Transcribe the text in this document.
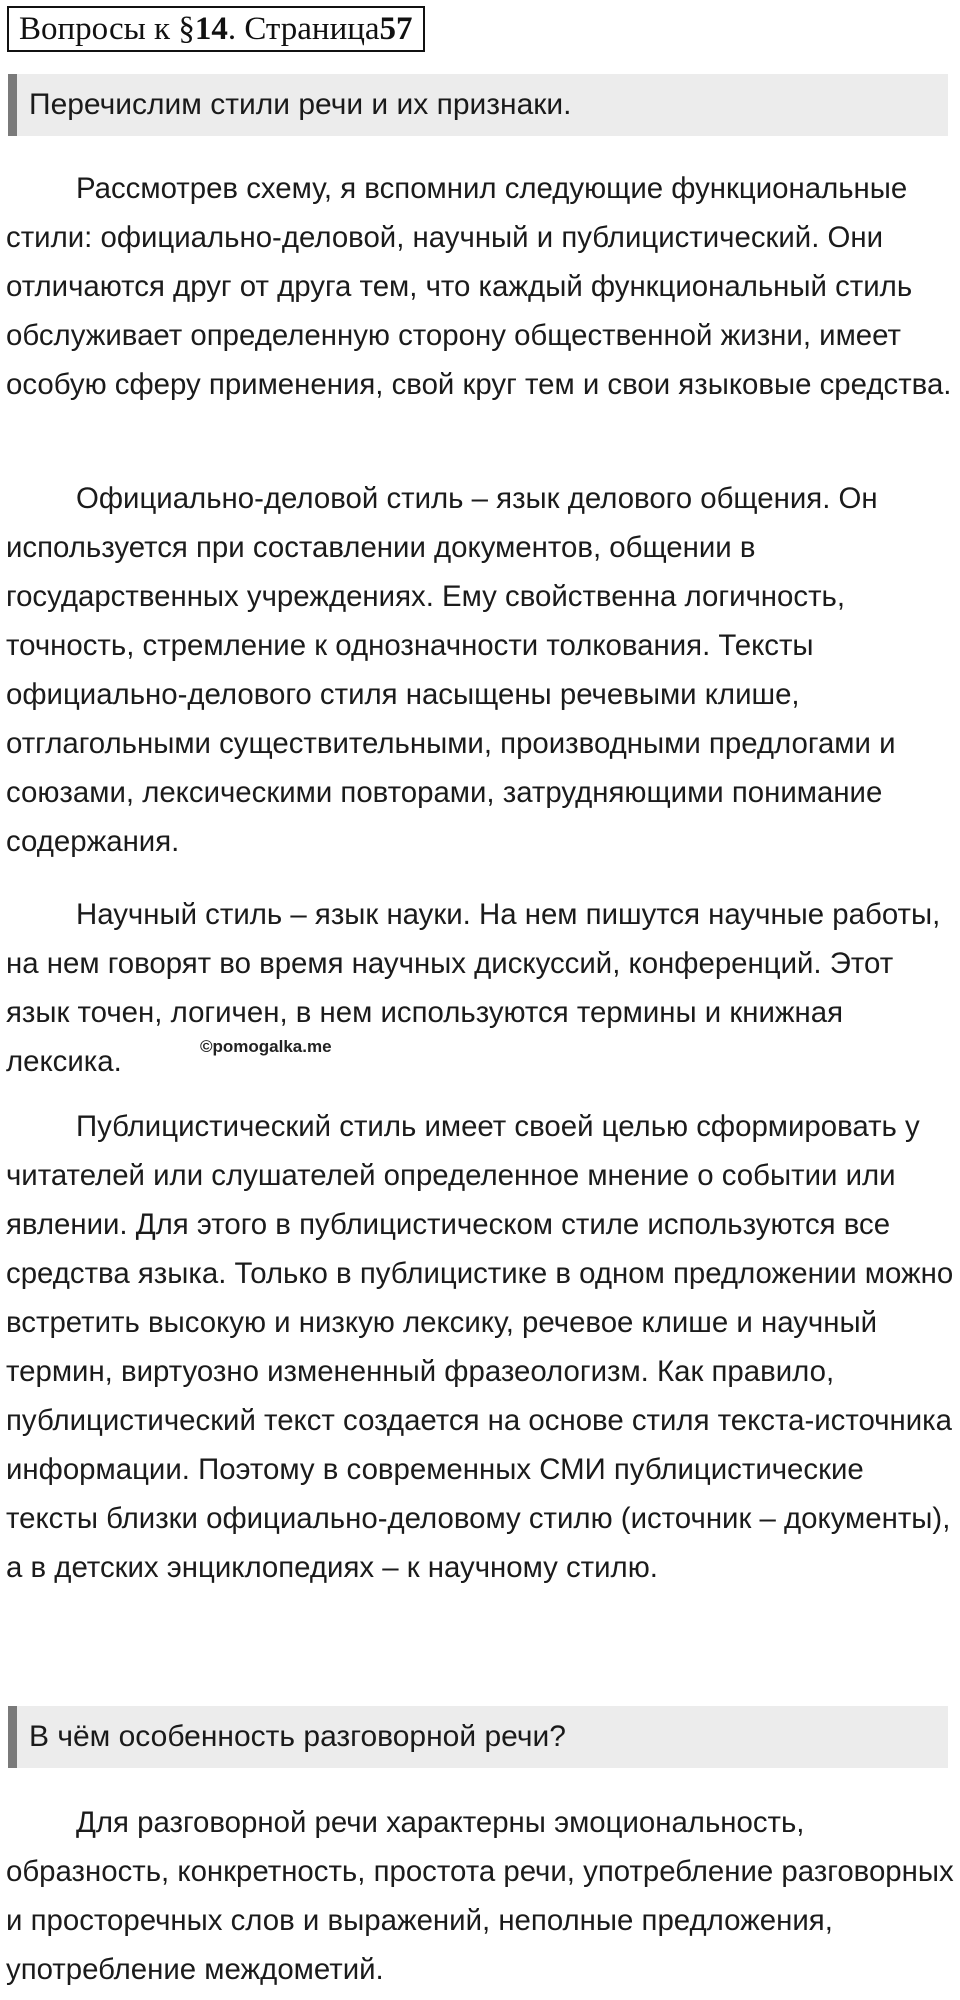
Вопросы к § 14 . Страница 57
Перечислим стили речи и их признаки.

Рассмотрев схему, я вспомнил следующие функциональные стили: официально-деловой, научный и публицистический. Они отличаются друг от друга тем, что каждый функциональный стиль обслуживает определенную сторону общественной жизни, имеет особую сферу применения, свой круг тем и свои языковые средства.

Официально-деловой стиль – язык делового общения. Он используется при составлении документов, общении в государственных учреждениях. Ему свойственна логичность, точность, стремление к однозначности толкования. Тексты официально-делового стиля насыщены речевыми клише, отглагольными существительными, производными предлогами и союзами, лексическими повторами, затрудняющими понимание содержания.

Научный стиль – язык науки. На нем пишутся научные работы, на нем говорят во время научных дискуссий, конференций. Этот язык точен, логичен, в нем используются термины и книжная лексика.	©pomogalka.me

Публицистический стиль имеет своей целью сформировать у читателей или слушателей определенное мнение о событии или явлении. Для этого в публицистическом стиле используются все средства языка. Только в публицистике в одном предложении можно встретить высокую и низкую лексику, речевое клише и научный термин, виртуозно измененный фразеологизм. Как правило, публицистический текст создается на основе стиля текста-источника информации. Поэтому в современных СМИ публицистические тексты близки официально-деловому стилю (источник – документы), а в детских энциклопедиях – к научному стилю.

В чём особенность разговорной речи?

Для разговорной речи характерны эмоциональность, образность, конкретность, простота речи, употребление разговорных и просторечных слов и выражений, неполные предложения, употребление междометий.
